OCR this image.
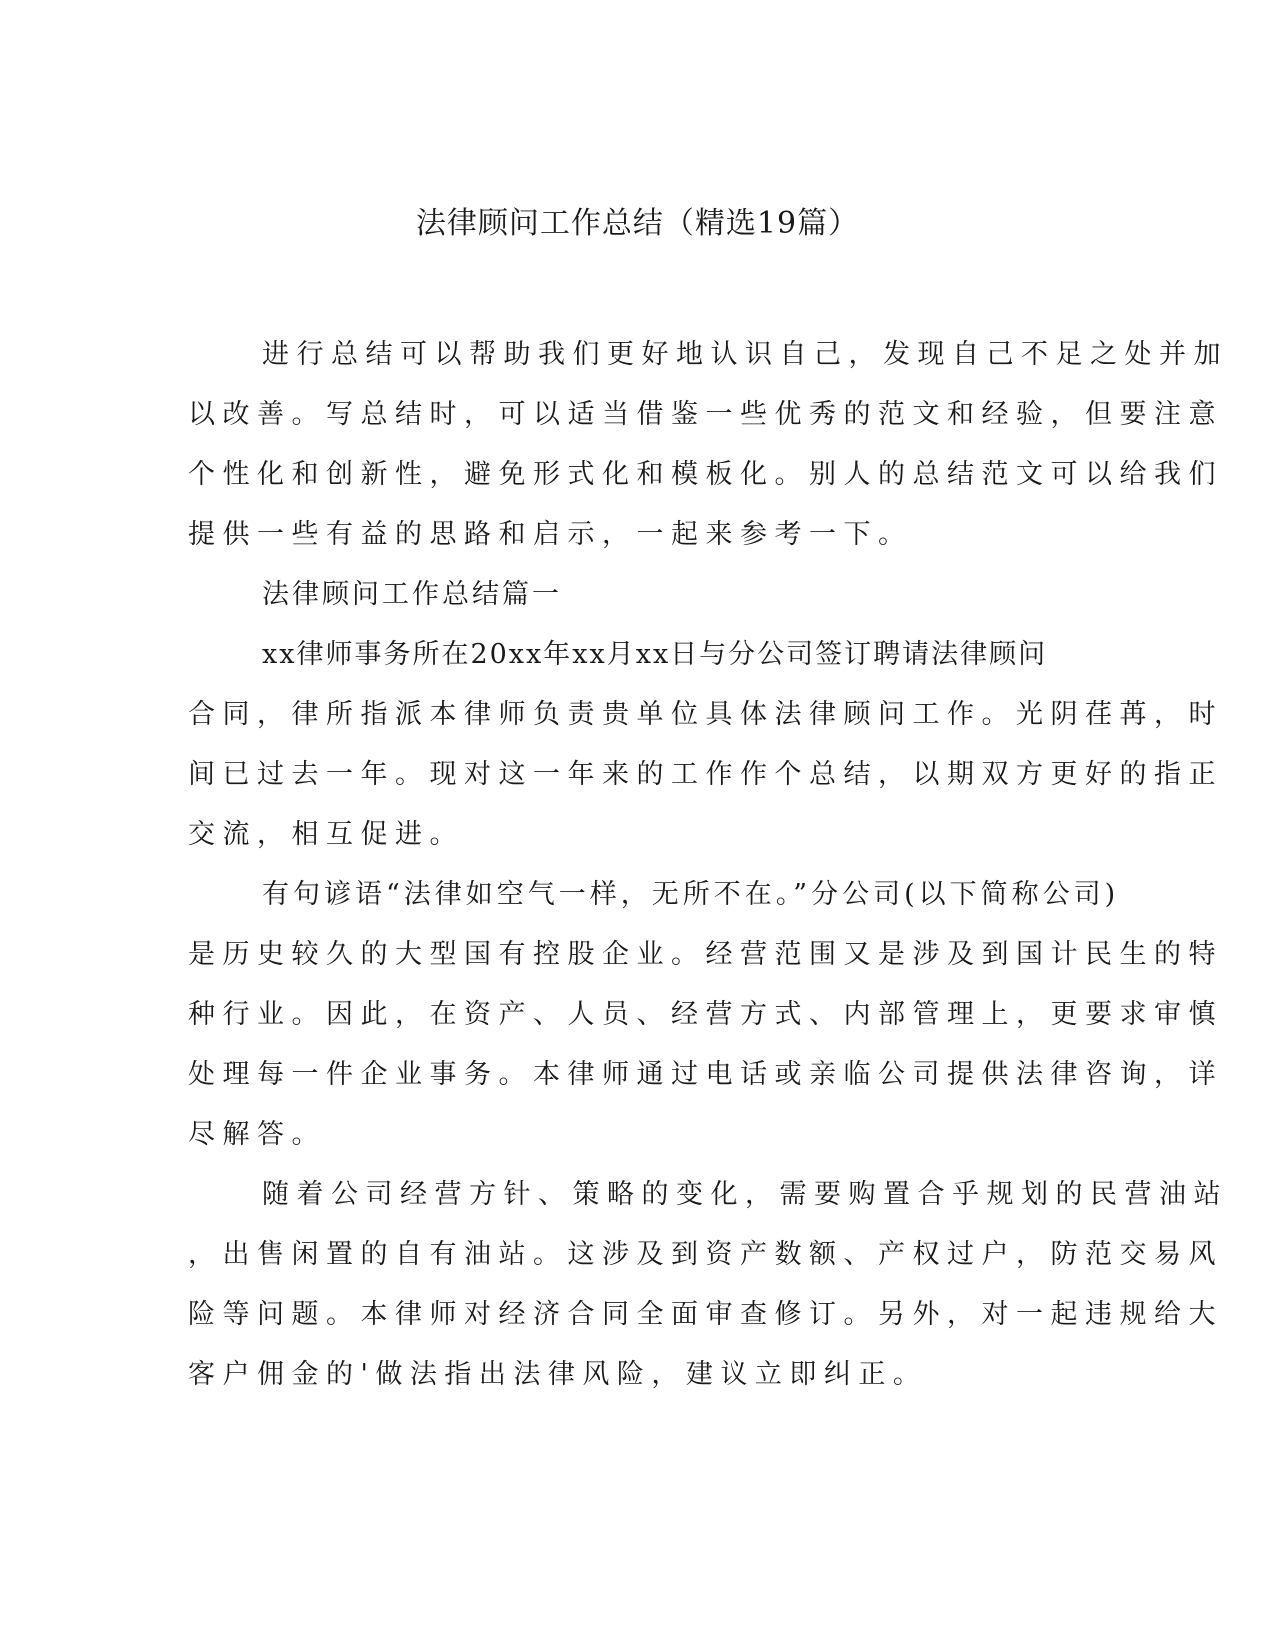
法律顾问工作总结（精选19篇）

进行总结可以帮助我们更好地认识自己，发现自己不足之处并加
以改善。写总结时，可以适当借鉴一些优秀的范文和经验，但要注意
个性化和创新性，避免形式化和模板化。别人的总结范文可以给我们
提供一些有益的思路和启示，一起来参考一下。

法律顾问工作总结篇一

xx律师事务所在20xx年xx月xx日与分公司签订聘请法律顾问
合同，律所指派本律师负责贵单位具体法律顾问工作。光阴荏苒，时
间已过去一年。现对这一年来的工作作个总结，以期双方更好的指正
交流，相互促进。

有句谚语“法律如空气一样，无所不在。”分公司(以下简称公司)
是历史较久的大型国有控股企业。经营范围又是涉及到国计民生的特
种行业。因此，在资产、人员、经营方式、内部管理上，更要求审慎
处理每一件企业事务。本律师通过电话或亲临公司提供法律咨询，详
尽解答。

随着公司经营方针、策略的变化，需要购置合乎规划的民营油站
，出售闲置的自有油站。这涉及到资产数额、产权过户，防范交易风
险等问题。本律师对经济合同全面审查修订。另外，对一起违规给大
客户佣金的'做法指出法律风险，建议立即纠正。
